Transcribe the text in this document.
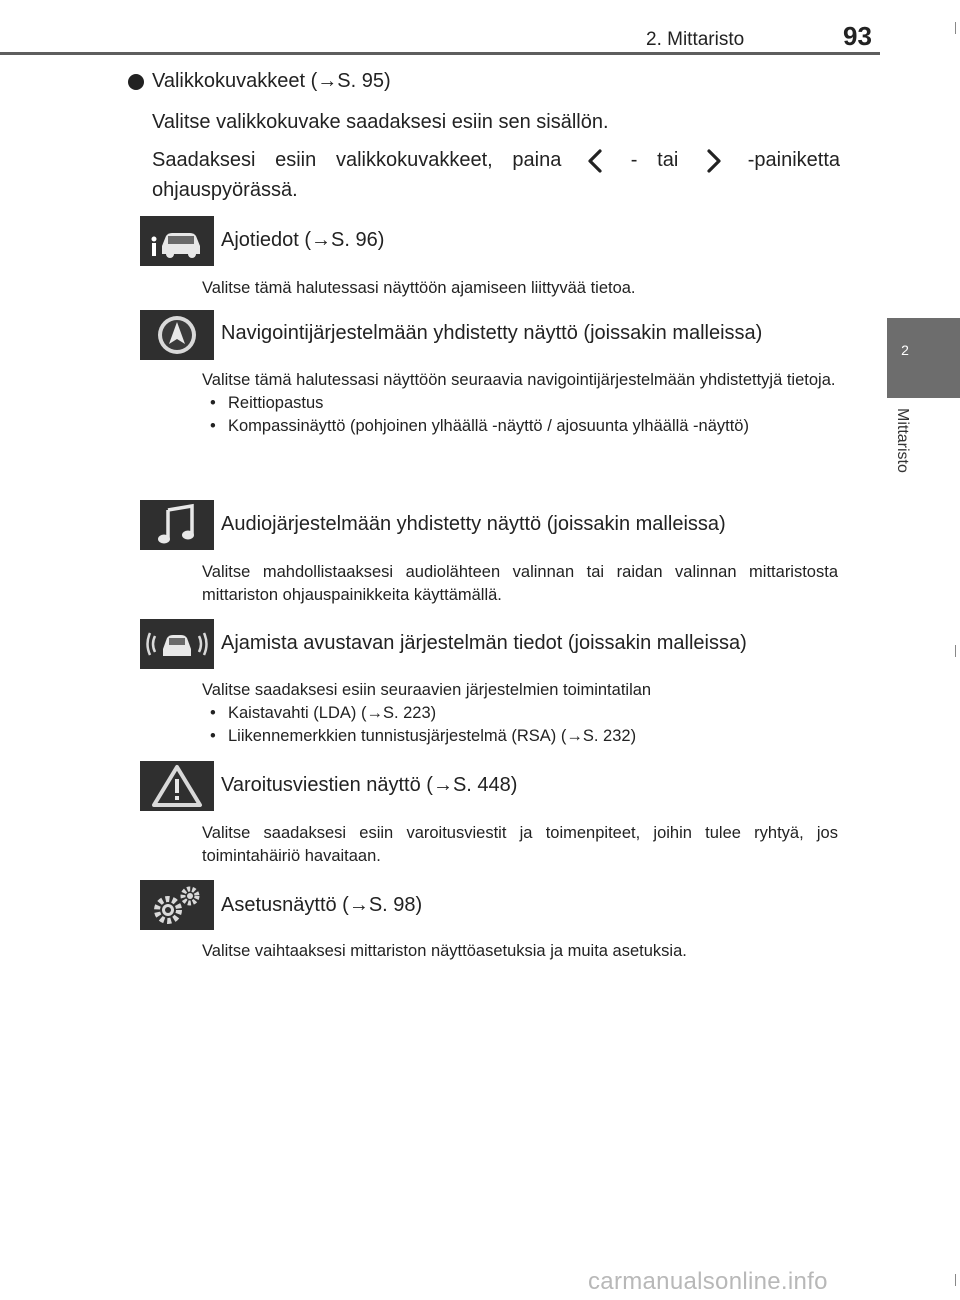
2. Mittaristo	93
2
Mittaristo
Valikkokuvakkeet (→S. 95)
Valitse valikkokuvake saadaksesi esiin sen sisällön.
Saadaksesi esiin valikkokuvakkeet, paina	- tai	-painiketta ohjauspyörässä.
Ajotiedot (→S. 96)
Valitse tämä halutessasi näyttöön ajamiseen liittyvää tietoa.
Navigointijärjestelmään yhdistetty näyttö (joissakin malleissa)
Valitse tämä halutessasi näyttöön seuraavia navigointijärjestelmään yhdistettyjä tietoja.
• Reittiopastus
• Kompassinäyttö (pohjoinen ylhäällä -näyttö / ajosuunta ylhäällä -näyttö)
Audiojärjestelmään yhdistetty näyttö (joissakin malleissa)
Valitse mahdollistaaksesi audiolähteen valinnan tai raidan valinnan mittaristosta mittariston ohjauspainikkeita käyttämällä.
Ajamista avustavan järjestelmän tiedot (joissakin malleissa)
Valitse saadaksesi esiin seuraavien järjestelmien toimintatilan
• Kaistavahti (LDA) (→S. 223)
• Liikennemerkkien tunnistusjärjestelmä (RSA) (→S. 232)
Varoitusviestien näyttö (→S. 448)
Valitse saadaksesi esiin varoitusviestit ja toimenpiteet, joihin tulee ryhtyä, jos toimintahäiriö havaitaan.
Asetusnäyttö (→S. 98)
Valitse vaihtaaksesi mittariston näyttöasetuksia ja muita asetuksia.
carmanualsonline.info
